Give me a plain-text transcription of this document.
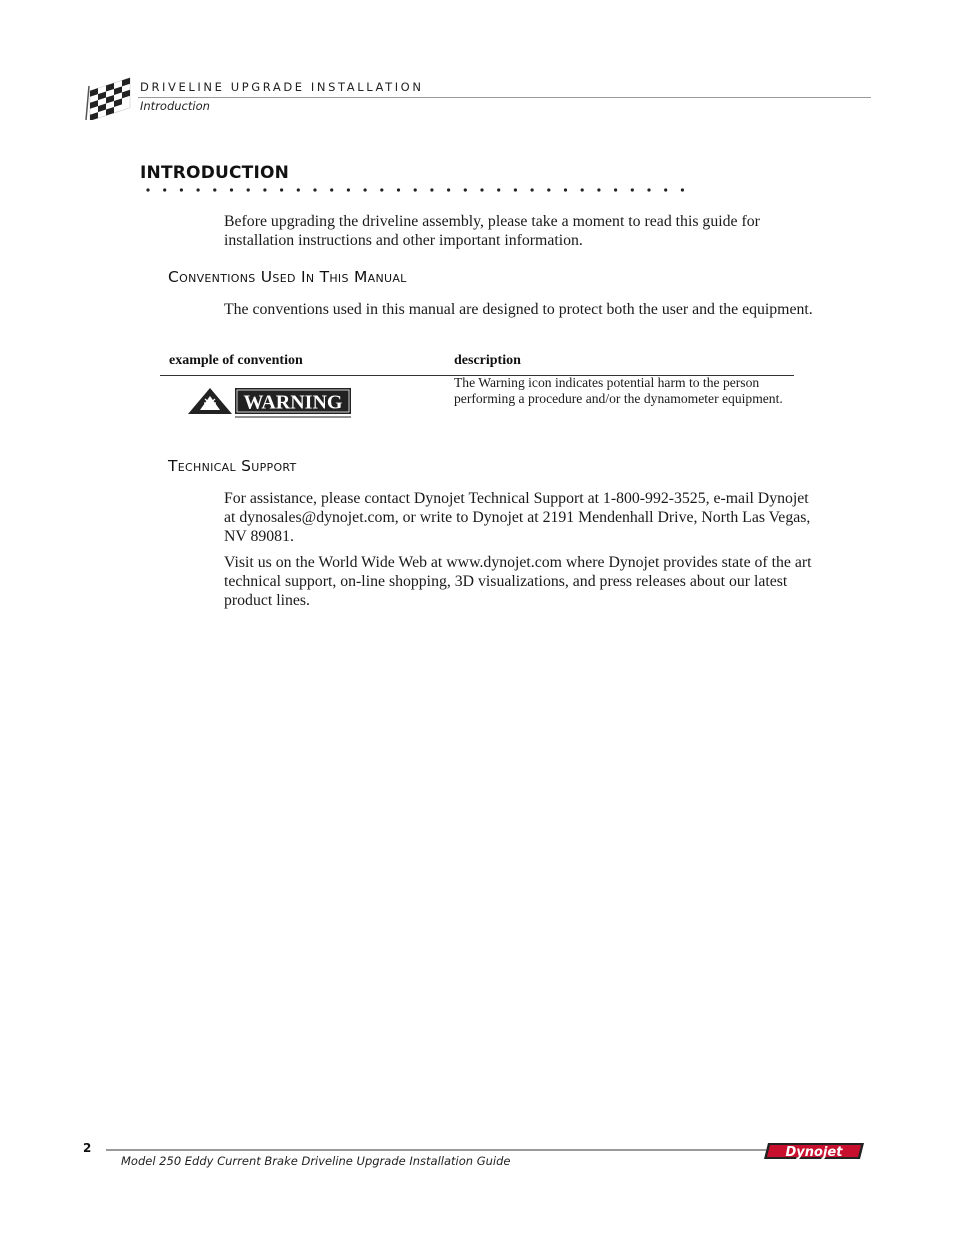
DRIVELINE UPGRADE INSTALLATION
Introduction
INTRODUCTION

Before upgrading the driveline assembly, please take a moment to read this guide for installation instructions and other important information.

Conventions Used In This Manual

The conventions used in this manual are designed to protect both the user and the equipment.

example of convention	description
WARNING
The Warning icon indicates potential harm to the person performing a procedure and/or the dynamometer equipment.
Technical Support

For assistance, please contact Dynojet Technical Support at 1-800-992-3525, e-mail Dynojet at dynosales@dynojet.com, or write to Dynojet at 2191 Mendenhall Drive, North Las Vegas, NV 89081.

Visit us on the World Wide Web at www.dynojet.com where Dynojet provides state of the art technical support, on-line shopping, 3D visualizations, and press releases about our latest product lines.

2
Model 250 Eddy Current Brake Driveline Upgrade Installation Guide
Dynojet
